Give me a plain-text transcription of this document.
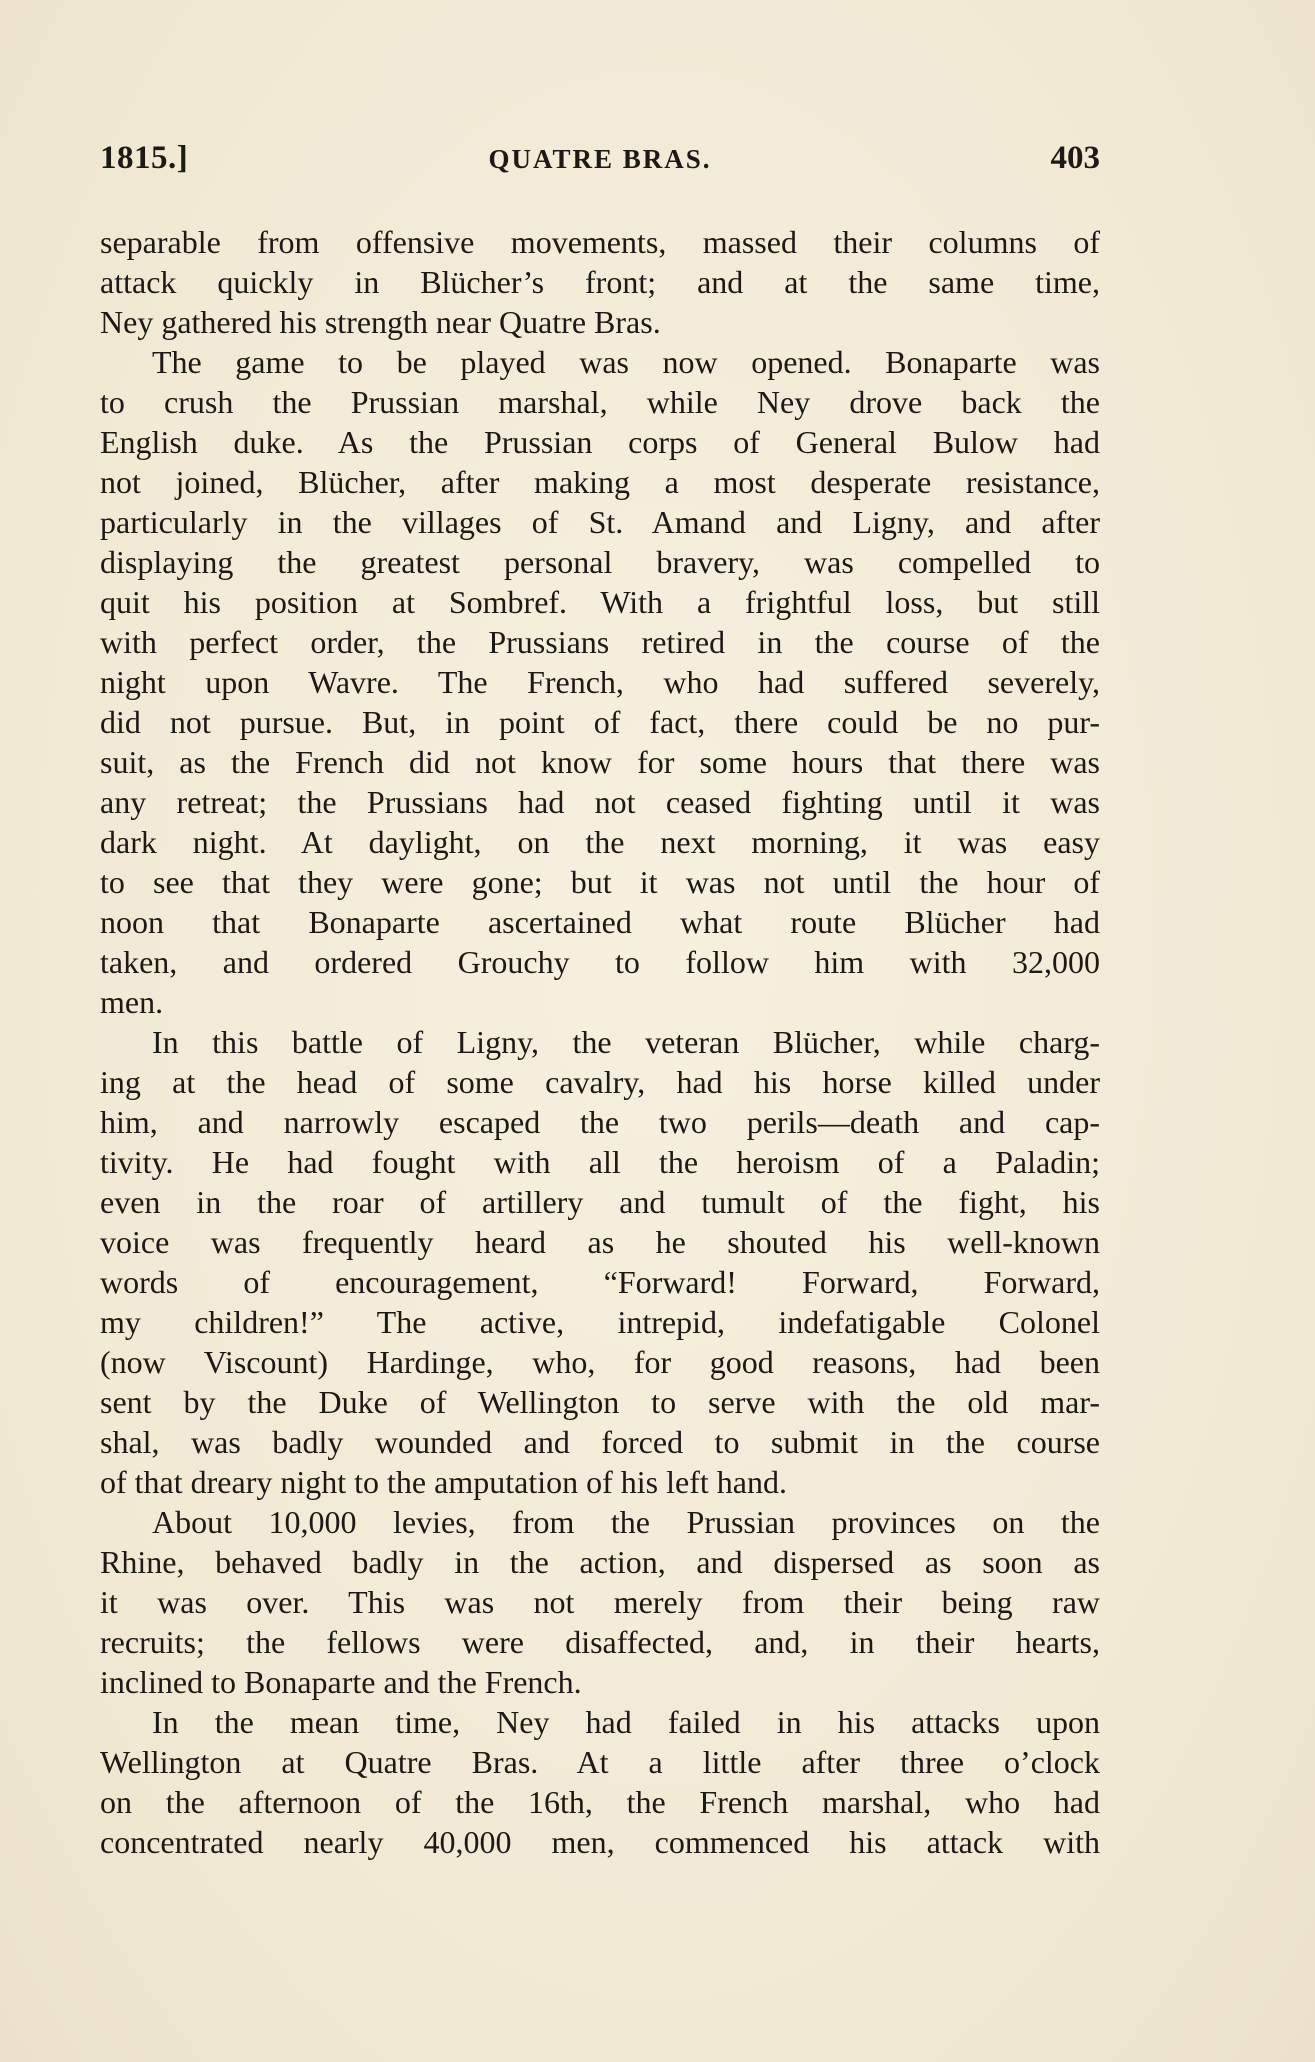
1815.]	QUATRE BRAS.	403
separable from offensive movements, massed their columns of
attack quickly in Blücher’s front; and at the same time,
Ney gathered his strength near Quatre Bras.
The game to be played was now opened. Bonaparte was
to crush the Prussian marshal, while Ney drove back the
English duke. As the Prussian corps of General Bulow had
not joined, Blücher, after making a most desperate resistance,
particularly in the villages of St. Amand and Ligny, and after
displaying the greatest personal bravery, was compelled to
quit his position at Sombref. With a frightful loss, but still
with perfect order, the Prussians retired in the course of the
night upon Wavre. The French, who had suffered severely,
did not pursue. But, in point of fact, there could be no pur-
suit, as the French did not know for some hours that there was
any retreat; the Prussians had not ceased fighting until it was
dark night. At daylight, on the next morning, it was easy
to see that they were gone; but it was not until the hour of
noon that Bonaparte ascertained what route Blücher had
taken, and ordered Grouchy to follow him with 32,000
men.
In this battle of Ligny, the veteran Blücher, while charg-
ing at the head of some cavalry, had his horse killed under
him, and narrowly escaped the two perils—death and cap-
tivity. He had fought with all the heroism of a Paladin;
even in the roar of artillery and tumult of the fight, his
voice was frequently heard as he shouted his well-known
words of encouragement, “Forward! Forward, Forward,
my children!” The active, intrepid, indefatigable Colonel
(now Viscount) Hardinge, who, for good reasons, had been
sent by the Duke of Wellington to serve with the old mar-
shal, was badly wounded and forced to submit in the course
of that dreary night to the amputation of his left hand.
About 10,000 levies, from the Prussian provinces on the
Rhine, behaved badly in the action, and dispersed as soon as
it was over. This was not merely from their being raw
recruits; the fellows were disaffected, and, in their hearts,
inclined to Bonaparte and the French.
In the mean time, Ney had failed in his attacks upon
Wellington at Quatre Bras. At a little after three o’clock
on the afternoon of the 16th, the French marshal, who had
concentrated nearly 40,000 men, commenced his attack with
